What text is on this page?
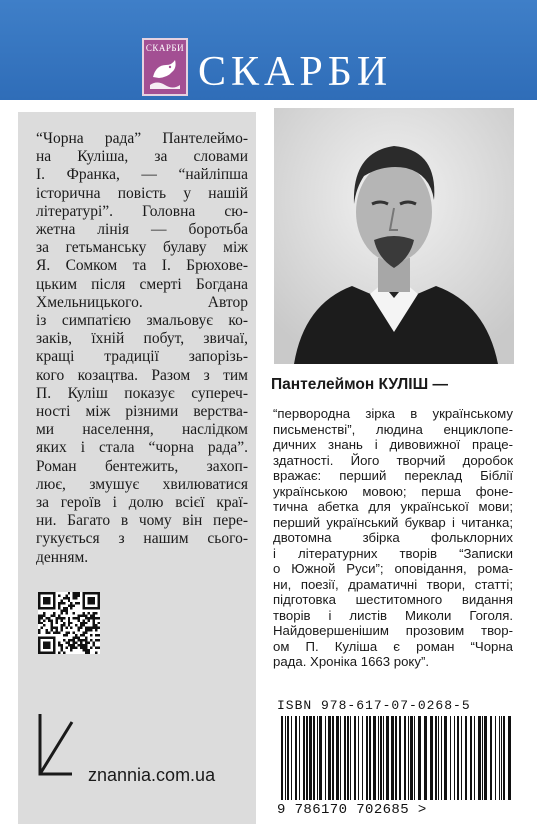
СКАРБИ
СКАРБИ
“Чорна рада” Пантелеймо-
на Куліша, за словами
І. Франка, — “найліпша
історична повість у нашій
літературі”. Головна сю-
жетна лінія — боротьба
за гетьманську булаву між
Я. Сомком та І. Брюхове-
цьким після смерті Богдана
Хмельницького. Автор
із симпатією змальовує ко-
заків, їхній побут, звичаї,
кращі традиції запорізь-
кого козацтва. Разом з тим
П. Куліш показує супереч-
ності між різними верства-
ми населення, наслідком
яких і стала “чорна рада”.
Роман бентежить, захоп-
лює, змушує хвилюватися
за героїв і долю всієї краї-
ни. Багато в чому він пере-
гукується з нашим сього-
денням.
znannia.com.ua
Пантелеймон КУЛІШ —
“первородна зірка в українському
письменстві”, людина енциклопе-
дичних знань і дивовижної праце-
здатності. Його творчий доробок
вражає: перший переклад Біблії
українською мовою; перша фоне-
тична абетка для української мови;
перший український буквар і читанка;
двотомна збірка фольклорних
і літературних творів “Записки
о Южной Руси”; оповідання, рома-
ни, поезії, драматичні твори, статті;
підготовка шеститомного видання
творів і листів Миколи Гоголя.
Найдовершенішим прозовим твор-
ом П. Куліша є роман “Чорна
рада. Хроніка 1663 року”.
ISBN 978-617-07-0268-5
9 786170 702685 >
